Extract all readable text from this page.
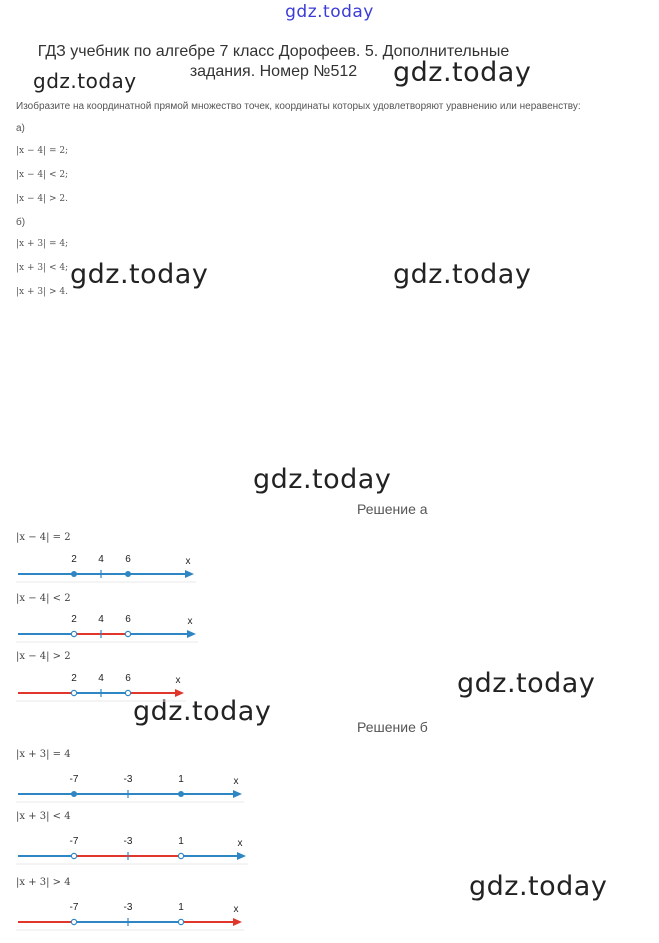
gdz.today
ГДЗ учебник по алгебре 7 класс Дорофеев. 5. Дополнительные задания. Номер №512
Изобразите на координатной прямой множество точек, координаты которых удовлетворяют уравнению или неравенству:
а)
|x − 4| = 2;
|x − 4| < 2;
|x − 4| > 2.
б)
|x + 3| = 4;
|x + 3| < 4;
|x + 3| > 4.
gdz.today	gdz.today
gdz.today	gdz.today
gdz.today
gdz.today
gdz.today
gdz.today
Решение а
|x − 4| = 2
2 4 6	x
|x − 4| < 2
2 4 6	x
|x − 4| > 2
2 4 6	x
Решение б
|x + 3| = 4
-7	-3	1	x
|x + 3| < 4
-7	-3	1	x
|x + 3| > 4
-7	-3	1	x
